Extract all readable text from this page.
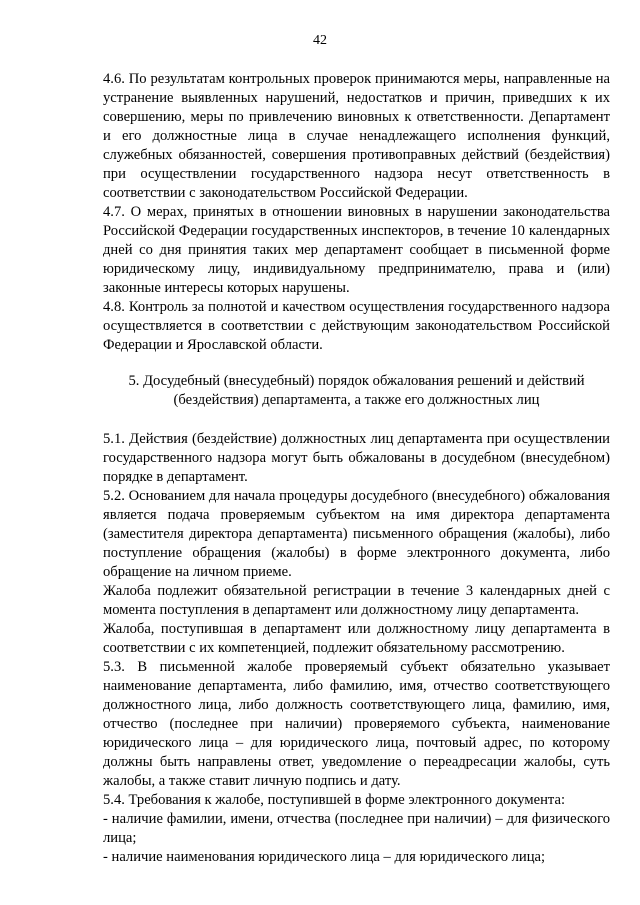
42

4.6. По результатам контрольных проверок принимаются меры, направленные на устранение выявленных нарушений, недостатков и причин, приведших к их совершению, меры по привлечению виновных к ответственности. Департамент и его должностные лица в случае ненадлежащего исполнения функций, служебных обязанностей, совершения противоправных действий (бездействия) при осуществлении государственного надзора несут ответственность в соответствии с законодательством Российской Федерации.

4.7. О мерах, принятых в отношении виновных в нарушении законодательства Российской Федерации государственных инспекторов, в течение 10 календарных дней со дня принятия таких мер департамент сообщает в письменной форме юридическому лицу, индивидуальному предпринимателю, права и (или) законные интересы которых нарушены.

4.8. Контроль за полнотой и качеством осуществления государственного надзора осуществляется в соответствии с действующим законодательством Российской Федерации и Ярославской области.

5. Досудебный (внесудебный) порядок обжалования решений и действий (бездействия) департамента, а также его должностных лиц

5.1. Действия (бездействие) должностных лиц департамента при осуществлении государственного надзора могут быть обжалованы в досудебном (внесудебном) порядке в департамент.

5.2. Основанием для начала процедуры досудебного (внесудебного) обжалования является подача проверяемым субъектом на имя директора департамента (заместителя директора департамента) письменного обращения (жалобы), либо поступление обращения (жалобы) в форме электронного документа, либо обращение на личном приеме.

Жалоба подлежит обязательной регистрации в течение 3 календарных дней с момента поступления в департамент или должностному лицу департамента.

Жалоба, поступившая в департамент или должностному лицу департамента в соответствии с их компетенцией, подлежит обязательному рассмотрению.

5.3. В письменной жалобе проверяемый субъект обязательно указывает наименование департамента, либо фамилию, имя, отчество соответствующего должностного лица, либо должность соответствующего лица, фамилию, имя, отчество (последнее при наличии) проверяемого субъекта, наименование юридического лица – для юридического лица, почтовый адрес, по которому должны быть направлены ответ, уведомление о переадресации жалобы, суть жалобы, а также ставит личную подпись и дату.

5.4. Требования к жалобе, поступившей в форме электронного документа:

- наличие фамилии, имени, отчества (последнее при наличии) – для физического лица;

- наличие наименования юридического лица – для юридического лица;
